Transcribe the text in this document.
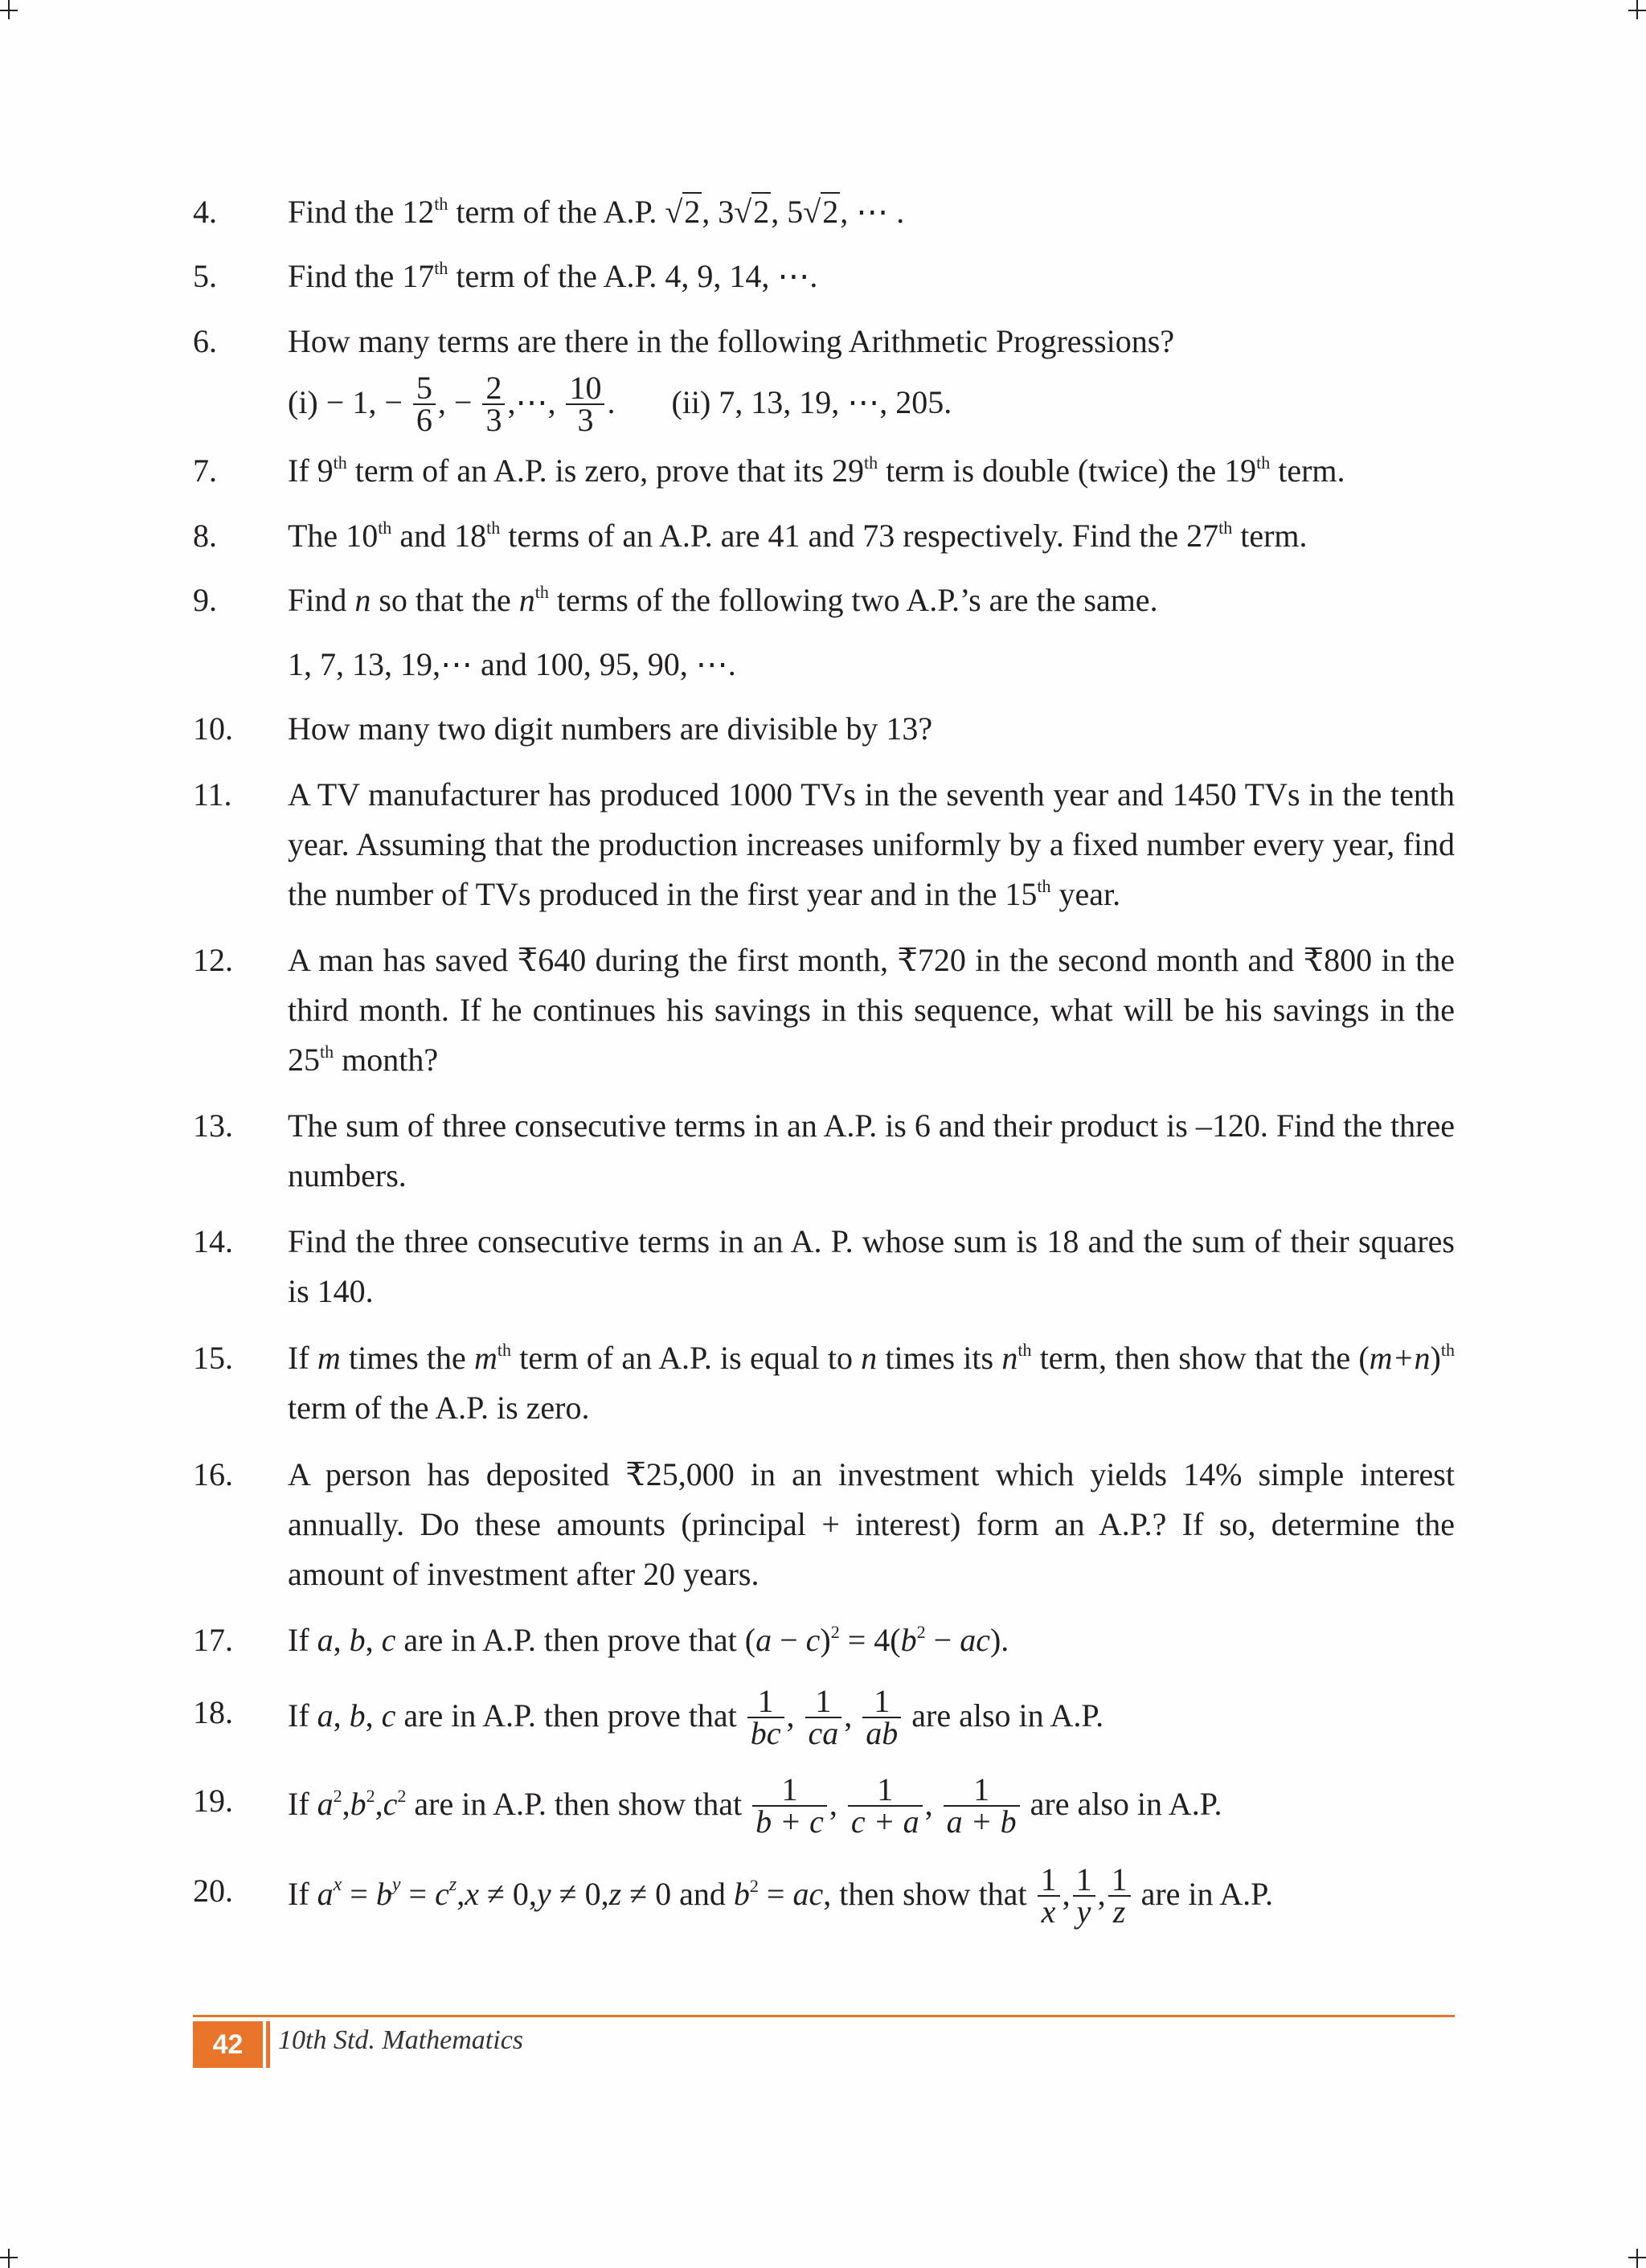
4.	Find the 12th term of the A.P. √2, 3√2, 5√2, ⋯ .
5.	Find the 17th term of the A.P. 4, 9, 14, ⋯.
6.	How many terms are there in the following Arithmetic Progressions?

(i) − 1, − $\frac{5}{6}$ , − $\frac{2}{3}$ ,⋯, $\frac{10}{3}$ . (ii) 7, 13, 19, ⋯, 205.

7.	If 9th term of an A.P. is zero, prove that its 29th term is double (twice) the 19th term.
8.	The 10th and 18th terms of an A.P. are 41 and 73 respectively. Find the 27th term.
9.	Find n so that the $n^{th}$ terms of the following two A.P.’s are the same.

1, 7, 13, 19,⋯ and 100, 95, 90, ⋯.

10.	How many two digit numbers are divisible by 13?
11.	A TV manufacturer has produced 1000 TVs in the seventh year and 1450 TVs in the tenth year. Assuming that the production increases uniformly by a fixed number every year, find the number of TVs produced in the first year and in the 15th year.
12.	A man has saved ₹640 during the first month, ₹720 in the second month and ₹800 in the third month. If he continues his savings in this sequence, what will be his savings in the 25th month?
13.	The sum of three consecutive terms in an A.P. is 6 and their product is –120. Find the three numbers.
14.	Find the three consecutive terms in an A. P. whose sum is 18 and the sum of their squares is 140.
15.	If m times the $m^{th}$ term of an A.P. is equal to n times its $n^{th}$ term, then show that the $(m+n)^{th}$ term of the A.P. is zero.
16.	A person has deposited ₹25,000 in an investment which yields 14% simple interest annually. Do these amounts (principal + interest) form an A.P.? If so, determine the amount of investment after 20 years.
17.	If a, b, c are in A.P. then prove that $(a - c)^2 = 4(b^2 - ac)$.
18.	If a, b, c are in A.P. then prove that $\frac{1}{bc}$ , $\frac{1}{ca}$ , $\frac{1}{ab}$ are also in A.P.
19.	If $a^2,b^2,c^2$ are in A.P. then show that $\frac{1}{b + c}$ , $\frac{1}{c + a}$ , $\frac{1}{a + b}$ are also in A.P.
20.	If $a^x = b^y = c^z,x \ne 0,y \ne 0,z \ne 0$ and $b^2$ = ac, then show that $\frac{1}{x}$ , $\frac{1}{y}$ , $\frac{1}{z}$ are in A.P.
42	10th Std. Mathematics
